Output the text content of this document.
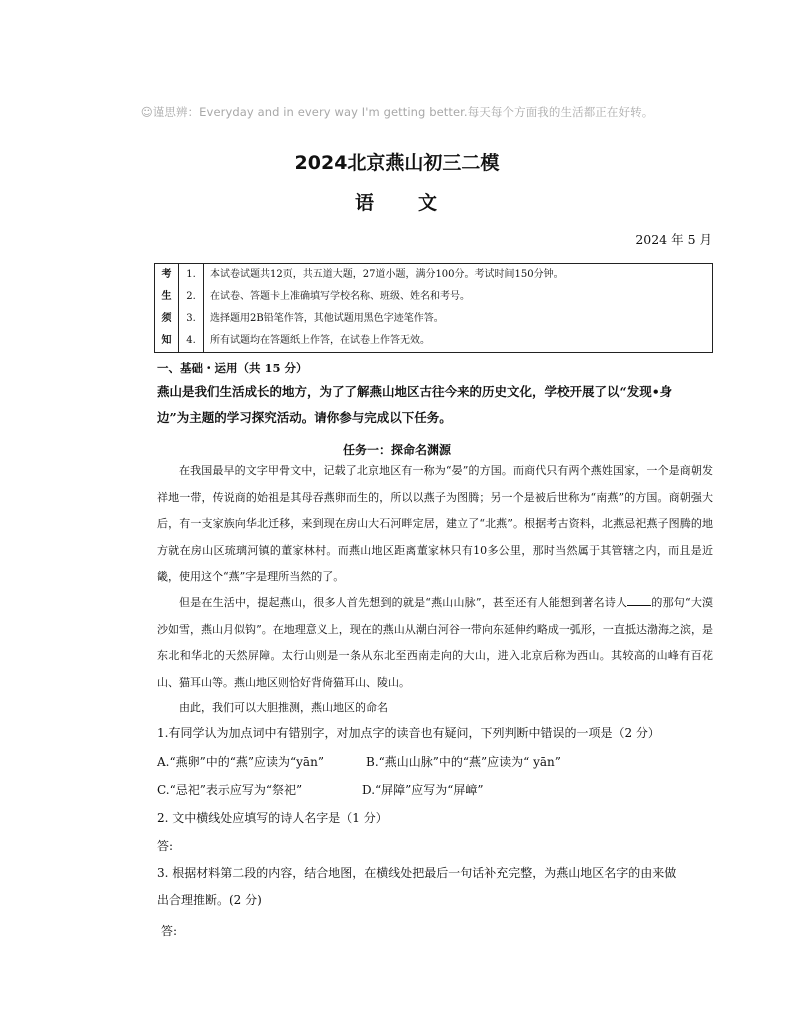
☺谨思辨：Everyday and in every way I'm getting better.每天每个方面我的生活都正在好转。
2024北京燕山初三二模
语　　文
2024 年 5 月
考
生
须
知

1.	本试卷试题共12页，共五道大题，27道小题，满分100分。考试时间150分钟。
2.	在试卷、答题卡上准确填写学校名称、班级、姓名和考号。
3.	选择题用2B铅笔作答，其他试题用黑色字迹笔作答。
4.	所有试题均在答题纸上作答，在试卷上作答无效。
一、基础・运用（共 15 分）
燕山是我们生活成长的地方，为了了解燕山地区古往今来的历史文化，学校开展了以“发现•身
边”为主题的学习探究活动。请你参与完成以下任务。
任务一：探命名渊源
在我国最早的文字甲骨文中，记载了北京地区有一称为“晏”的方国。而商代只有两个燕姓国家，一个是商朝发祥地一带，传说商的始祖是其母吞燕卵而生的，所以以燕子为图腾；另一个是被后世称为“南燕”的方国。商朝强大后，有一支家族向华北迁移，来到现在房山大石河畔定居，建立了“北燕”。根据考古资料，北燕忌祀燕子图腾的地方就在房山区琉璃河镇的董家林村。而燕山地区距离董家林只有10多公里，那时当然属于其管辖之内，而且是近畿，使用这个“燕”字是理所当然的了。
但是在生活中，提起燕山，很多人首先想到的就是“燕山山脉”，甚至还有人能想到著名诗人 的那句“大漠沙如雪，燕山月似钩”。在地理意义上，现在的燕山从潮白河谷一带向东延伸约略成一弧形，一直抵达渤海之滨，是东北和华北的天然屏障。太行山则是一条从东北至西南走向的大山，进入北京后称为西山。其较高的山峰有百花山、猫耳山等。燕山地区则恰好背倚猫耳山、陵山。
由此，我们可以大胆推测，燕山地区的命名
1.有同学认为加点词中有错别字，对加点字的读音也有疑问，下列判断中错误的一项是（2 分）
A.“燕卵”中的“燕”应读为“yān”	B.“燕山山脉”中的“燕”应读为“ yān”
C.“忌祀”表示应写为“祭祀”	D.“屏障”应写为“屏嶂”
2. 文中横线处应填写的诗人名字是（1 分）
答:
3. 根据材料第二段的内容，结合地图，在横线处把最后一句话补充完整，为燕山地区名字的由来做
出合理推断。(2 分)
答:
